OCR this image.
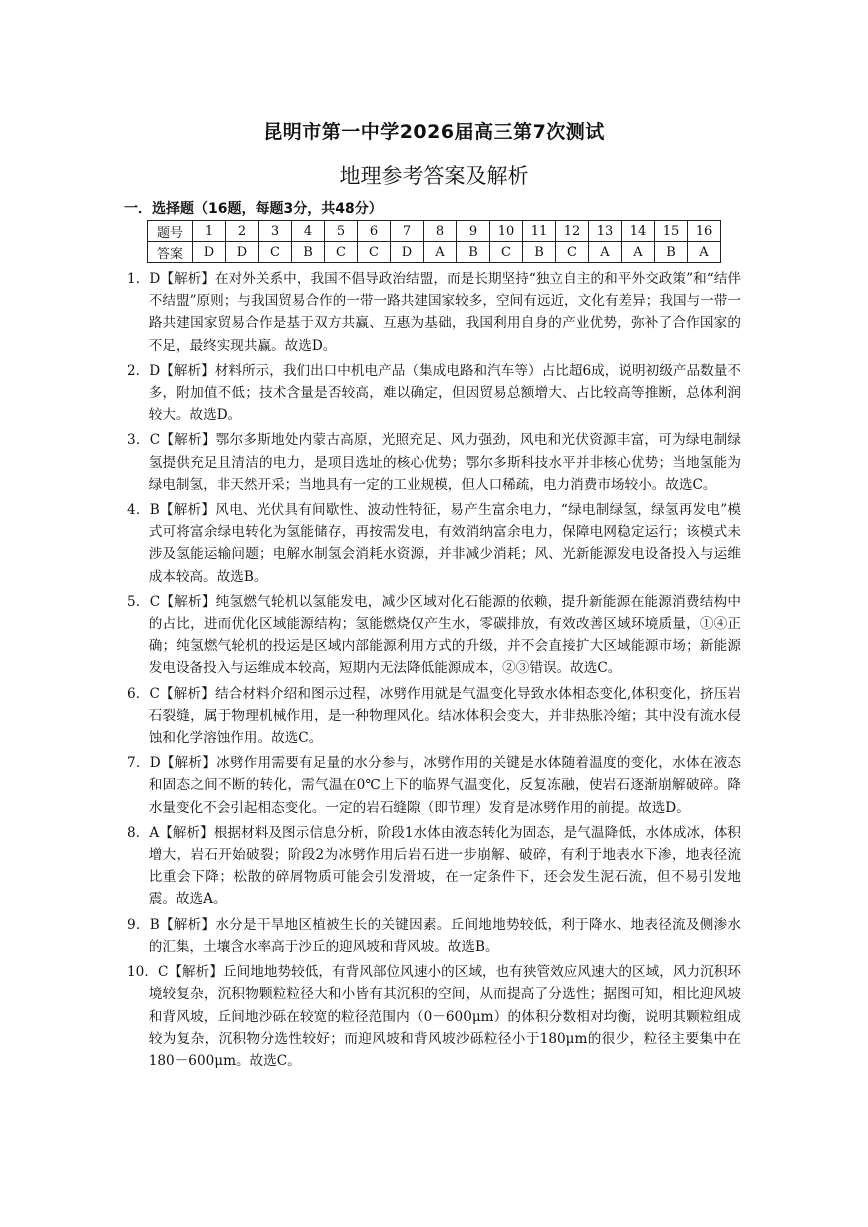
昆明市第一中学2026届高三第7次测试
地理参考答案及解析
一．选择题（16题，每题3分，共48分）
题号	1	2	3	4	5	6	7	8	9	10	11	12	13	14	15	16
答案	D	D	C	B	C	C	D	A	B	C	B	C	A	A	B	A

1．D【解析】在对外关系中，我国不倡导政治结盟，而是长期坚持“独立自主的和平外交政策”和“结伴不结盟”原则；与我国贸易合作的一带一路共建国家较多，空间有远近，文化有差异；我国与一带一路共建国家贸易合作是基于双方共赢、互惠为基础，我国利用自身的产业优势，弥补了合作国家的不足，最终实现共赢。故选D。

2．D【解析】材料所示，我们出口中机电产品（集成电路和汽车等）占比超6成，说明初级产品数量不多，附加值不低；技术含量是否较高，难以确定，但因贸易总额增大、占比较高等推断，总体利润较大。故选D。

3．C【解析】鄂尔多斯地处内蒙古高原，光照充足、风力强劲，风电和光伏资源丰富，可为绿电制绿氢提供充足且清洁的电力，是项目选址的核心优势；鄂尔多斯科技水平并非核心优势；当地氢能为绿电制氢，非天然开采；当地具有一定的工业规模，但人口稀疏，电力消费市场较小。故选C。

4．B【解析】风电、光伏具有间歇性、波动性特征，易产生富余电力，“绿电制绿氢，绿氢再发电”模式可将富余绿电转化为氢能储存，再按需发电，有效消纳富余电力，保障电网稳定运行；该模式未涉及氢能运输问题；电解水制氢会消耗水资源，并非减少消耗；风、光新能源发电设备投入与运维成本较高。故选B。

5．C【解析】纯氢燃气轮机以氢能发电，减少区域对化石能源的依赖，提升新能源在能源消费结构中的占比，进而优化区域能源结构；氢能燃烧仅产生水，零碳排放，有效改善区域环境质量，①④正确；纯氢燃气轮机的投运是区域内部能源利用方式的升级，并不会直接扩大区域能源市场；新能源发电设备投入与运维成本较高，短期内无法降低能源成本，②③错误。故选C。

6．C【解析】结合材料介绍和图示过程，冰劈作用就是气温变化导致水体相态变化,体积变化，挤压岩石裂缝，属于物理机械作用，是一种物理风化。结冰体积会变大，并非热胀冷缩；其中没有流水侵蚀和化学溶蚀作用。故选C。

7．D【解析】冰劈作用需要有足量的水分参与，冰劈作用的关键是水体随着温度的变化，水体在液态和固态之间不断的转化，需气温在0℃上下的临界气温变化，反复冻融，使岩石逐渐崩解破碎。降水量变化不会引起相态变化。一定的岩石缝隙（即节理）发育是冰劈作用的前提。故选D。

8．A【解析】根据材料及图示信息分析，阶段1水体由液态转化为固态，是气温降低，水体成冰，体积增大，岩石开始破裂；阶段2为冰劈作用后岩石进一步崩解、破碎，有利于地表水下渗，地表径流比重会下降；松散的碎屑物质可能会引发滑坡，在一定条件下，还会发生泥石流，但不易引发地震。故选A。

9．B【解析】水分是干旱地区植被生长的关键因素。丘间地地势较低，利于降水、地表径流及侧渗水的汇集，土壤含水率高于沙丘的迎风坡和背风坡。故选B。

10．C【解析】丘间地地势较低，有背风部位风速小的区域，也有狭管效应风速大的区域，风力沉积环境较复杂，沉积物颗粒粒径大和小皆有其沉积的空间，从而提高了分选性；据图可知，相比迎风坡和背风坡，丘间地沙砾在较宽的粒径范围内（0－600μm）的体积分数相对均衡，说明其颗粒组成较为复杂，沉积物分选性较好；而迎风坡和背风坡沙砾粒径小于180μm的很少，粒径主要集中在180－600μm。故选C。
